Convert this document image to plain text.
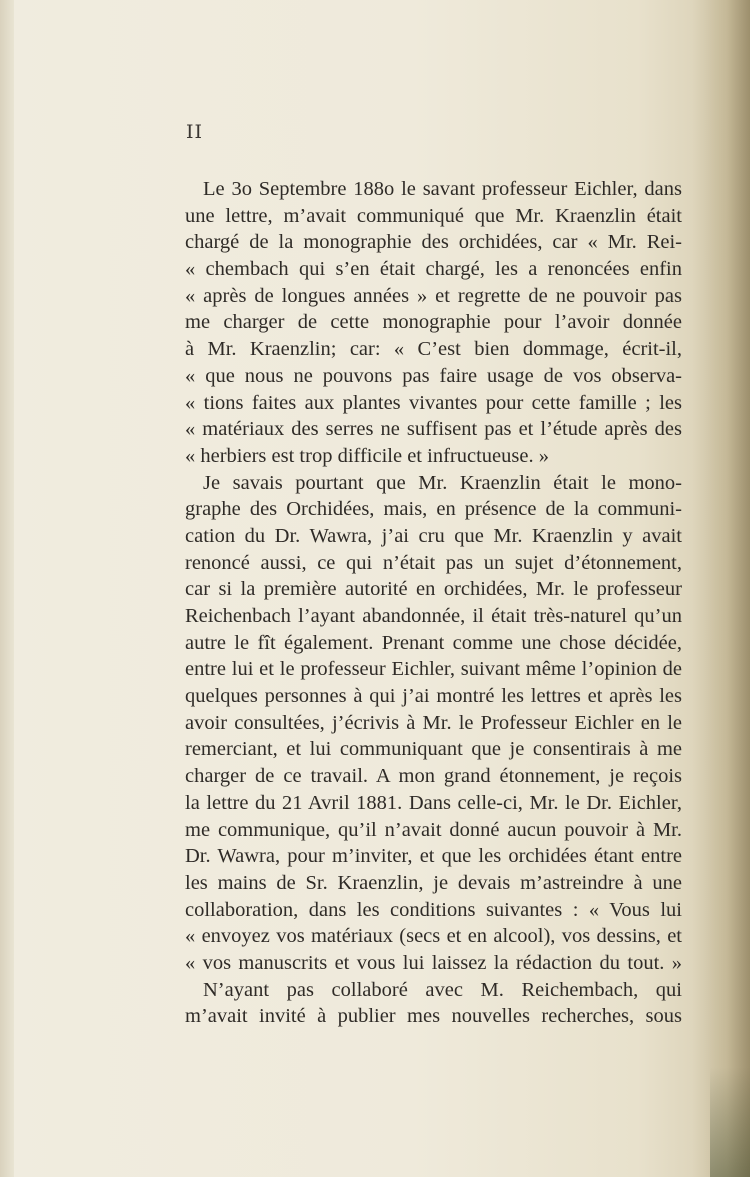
II
Le 3o Septembre 188o le savant professeur Eichler, dans
une lettre, m’avait communiqué que Mr. Kraenzlin était
chargé de la monographie des orchidées, car « Mr. Rei-
« chembach qui s’en était chargé, les a renoncées enfin
« après de longues années » et regrette de ne pouvoir pas
me charger de cette monographie pour l’avoir donnée
à Mr. Kraenzlin; car: « C’est bien dommage, écrit-il,
« que nous ne pouvons pas faire usage de vos observa-
« tions faites aux plantes vivantes pour cette famille ; les
« matériaux des serres ne suffisent pas et l’étude après des
« herbiers est trop difficile et infructueuse. »
Je savais pourtant que Mr. Kraenzlin était le mono-
graphe des Orchidées, mais, en présence de la communi-
cation du Dr. Wawra, j’ai cru que Mr. Kraenzlin y avait
renoncé aussi, ce qui n’était pas un sujet d’étonnement,
car si la première autorité en orchidées, Mr. le professeur
Reichenbach l’ayant abandonnée, il était très-naturel qu’un
autre le fît également. Prenant comme une chose décidée,
entre lui et le professeur Eichler, suivant même l’opinion de
quelques personnes à qui j’ai montré les lettres et après les
avoir consultées, j’écrivis à Mr. le Professeur Eichler en le
remerciant, et lui communiquant que je consentirais à me
charger de ce travail. A mon grand étonnement, je reçois
la lettre du 21 Avril 1881. Dans celle-ci, Mr. le Dr. Eichler,
me communique, qu’il n’avait donné aucun pouvoir à Mr.
Dr. Wawra, pour m’inviter, et que les orchidées étant entre
les mains de Sr. Kraenzlin, je devais m’astreindre à une
collaboration, dans les conditions suivantes : « Vous lui
« envoyez vos matériaux (secs et en alcool), vos dessins, et
« vos manuscrits et vous lui laissez la rédaction du tout. »
N’ayant pas collaboré avec M. Reichembach, qui
m’avait invité à publier mes nouvelles recherches, sous
